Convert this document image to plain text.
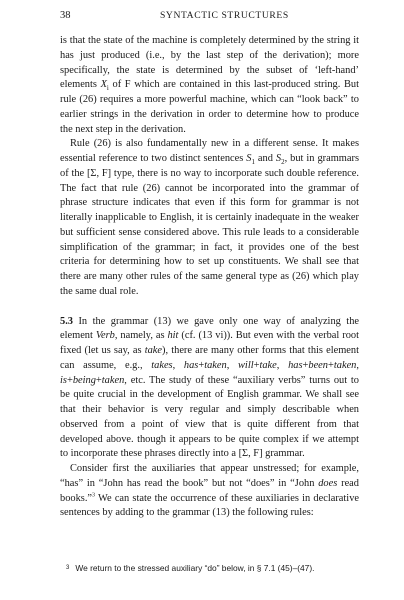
38	SYNTACTIC STRUCTURES

is that the state of the machine is completely determined by the string it has just produced (i.e., by the last step of the derivation); more specifically, the state is determined by the subset of ‘left-hand’ elements $X_i$ of F which are contained in this last-produced string. But rule (26) requires a more powerful machine, which can “look back” to earlier strings in the derivation in order to determine how to produce the next step in the derivation.

Rule (26) is also fundamentally new in a different sense. It makes essential reference to two distinct sentences $S_1$ and $S_2$, but in grammars of the [Σ, F] type, there is no way to incorporate such double reference. The fact that rule (26) cannot be incorporated into the grammar of phrase structure indicates that even if this form for grammar is not literally inapplicable to English, it is certainly inadequate in the weaker but sufficient sense considered above. This rule leads to a considerable simplification of the grammar; in fact, it provides one of the best criteria for determining how to set up constituents. We shall see that there are many other rules of the same general type as (26) which play the same dual role.

5.3 In the grammar (13) we gave only one way of analyzing the element Verb, namely, as hit (cf. (13 vi)). But even with the verbal root fixed (let us say, as take), there are many other forms that this element can assume, e.g., takes, has+taken, will+take, has+been+taken, is+being+taken, etc. The study of these “auxiliary verbs” turns out to be quite crucial in the development of English grammar. We shall see that their behavior is very regular and simply describable when observed from a point of view that is quite different from that developed above. though it appears to be quite complex if we attempt to incorporate these phrases directly into a [Σ, F] grammar.

Consider first the auxiliaries that appear unstressed; for example, “has” in “John has read the book” but not “does” in “John does read books.”$^3$ We can state the occurrence of these auxiliaries in declarative sentences by adding to the grammar (13) the following rules:

$^3$ We return to the stressed auxiliary “do” below, in § 7.1 (45)–(47).
